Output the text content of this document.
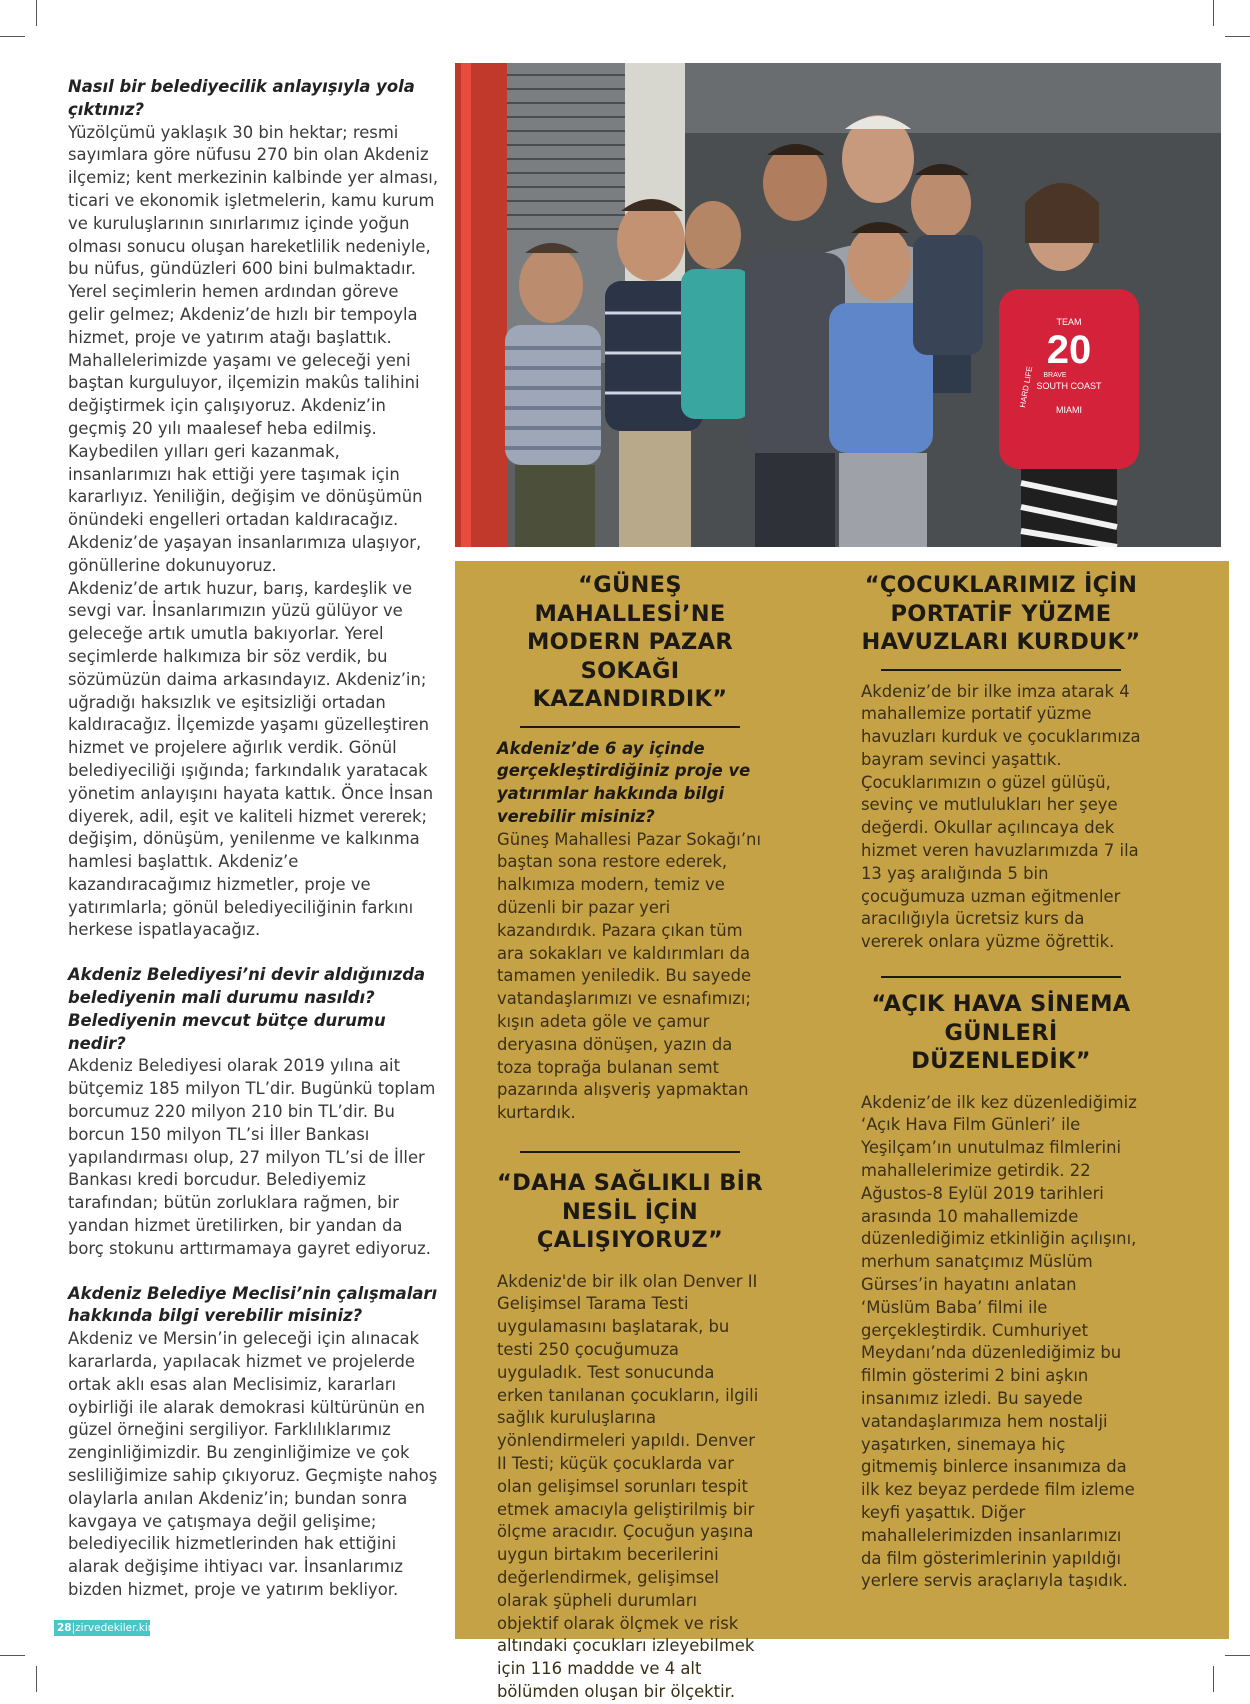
Nasıl bir belediyecilik anlayışıyla yola çıktınız?

Yüzölçümü yaklaşık 30 bin hektar; resmi sayımlara göre nüfusu 270 bin olan Akdeniz ilçemiz; kent merkezinin kalbinde yer alması, ticari ve ekonomik işletmelerin, kamu kurum ve kuruluşlarının sınırlarımız içinde yoğun olması sonucu oluşan hareketlilik nedeniyle, bu nüfus, gündüzleri 600 bini bulmaktadır. Yerel seçimlerin hemen ardından göreve gelir gelmez; Akdeniz’de hızlı bir tempoyla hizmet, proje ve yatırım atağı başlattık. Mahallelerimizde yaşamı ve geleceği yeni baştan kurguluyor, ilçemizin makûs talihini değiştirmek için çalışıyoruz. Akdeniz’in geçmiş 20 yılı maalesef heba edilmiş. Kaybedilen yılları geri kazanmak, insanlarımızı hak ettiği yere taşımak için kararlıyız. Yeniliğin, değişim ve dönüşümün önündeki engelleri ortadan kaldıracağız. Akdeniz’de yaşayan insanlarımıza ulaşıyor, gönüllerine dokunuyoruz.

Akdeniz’de artık huzur, barış, kardeşlik ve sevgi var. İnsanlarımızın yüzü gülüyor ve geleceğe artık umutla bakıyorlar. Yerel seçimlerde halkımıza bir söz verdik, bu sözümüzün daima arkasındayız. Akdeniz’in; uğradığı haksızlık ve eşitsizliği ortadan kaldıracağız. İlçemizde yaşamı güzelleştiren hizmet ve projelere ağırlık verdik. Gönül belediyeciliği ışığında; farkındalık yaratacak yönetim anlayışını hayata kattık. Önce İnsan diyerek, adil, eşit ve kaliteli hizmet vererek; değişim, dönüşüm, yenilenme ve kalkınma hamlesi başlattık. Akdeniz’e kazandıracağımız hizmetler, proje ve yatırımlarla; gönül belediyeciliğinin farkını herkese ispatlayacağız.

Akdeniz Belediyesi’ni devir aldığınızda belediyenin mali durumu nasıldı? Belediyenin mevcut bütçe durumu nedir?

Akdeniz Belediyesi olarak 2019 yılına ait bütçemiz 185 milyon TL’dir. Bugünkü toplam borcumuz 220 milyon 210 bin TL’dir. Bu borcun 150 milyon TL’si İller Bankası yapılandırması olup, 27 milyon TL’si de İller Bankası kredi borcudur. Belediyemiz tarafından; bütün zorluklara rağmen, bir yandan hizmet üretilirken, bir yandan da borç stokunu arttırmamaya gayret ediyoruz.

Akdeniz Belediye Meclisi’nin çalışmaları hakkında bilgi verebilir misiniz?

Akdeniz ve Mersin’in geleceği için alınacak kararlarda, yapılacak hizmet ve projelerde ortak aklı esas alan Meclisimiz, kararları oybirliği ile alarak demokrasi kültürünün en güzel örneğini sergiliyor. Farklılıklarımız zenginliğimizdir. Bu zenginliğimize ve çok sesliliğimize sahip çıkıyoruz. Geçmişte nahoş olaylarla anılan Akdeniz’in; bundan sonra kavgaya ve çatışmaya değil gelişime; belediyecilik hizmetlerinden hak ettiğini alarak değişime ihtiyacı var. İnsanlarımız bizden hizmet, proje ve yatırım bekliyor.

TEAM
20
BRAVE
SOUTH COAST
MIAMI
HARD LIFE
“GÜNEŞ MAHALLESİ’NE MODERN PAZAR SOKAĞI KAZANDIRDIK”

Akdeniz’de 6 ay içinde gerçekleştirdiğiniz proje ve yatırımlar hakkında bilgi verebilir misiniz?

Güneş Mahallesi Pazar Sokağı’nı baştan sona restore ederek, halkımıza modern, temiz ve düzenli bir pazar yeri kazandırdık. Pazara çıkan tüm ara sokakları ve kaldırımları da tamamen yeniledik. Bu sayede vatandaşlarımızı ve esnafımızı; kışın adeta göle ve çamur deryasına dönüşen, yazın da toza toprağa bulanan semt pazarında alışveriş yapmaktan kurtardık.

“DAHA SAĞLIKLI BİR NESİL İÇİN ÇALIŞIYORUZ”

Akdeniz'de bir ilk olan Denver II Gelişimsel Tarama Testi uygulamasını başlatarak, bu testi 250 çocuğumuza uyguladık. Test sonucunda erken tanılanan çocukların, ilgili sağlık kuruluşlarına yönlendirmeleri yapıldı. Denver II Testi; küçük çocuklarda var olan gelişimsel sorunları tespit etmek amacıyla geliştirilmiş bir ölçme aracıdır. Çocuğun yaşına uygun birtakım becerilerini değerlendirmek, gelişimsel olarak şüpheli durumları objektif olarak ölçmek ve risk altındaki çocukları izleyebilmek için 116 maddde ve 4 alt bölümden oluşan bir ölçektir.

“ÇOCUKLARIMIZ İÇİN PORTATİF YÜZME HAVUZLARI KURDUK”

Akdeniz’de bir ilke imza atarak 4 mahallemize portatif yüzme havuzları kurduk ve çocuklarımıza bayram sevinci yaşattık. Çocuklarımızın o güzel gülüşü, sevinç ve mutlulukları her şeye değerdi. Okullar açılıncaya dek hizmet veren havuzlarımızda 7 ila 13 yaş aralığında 5 bin çocuğumuza uzman eğitmenler aracılığıyla ücretsiz kurs da vererek onlara yüzme öğrettik.

“AÇIK HAVA SİNEMA GÜNLERİ DÜZENLEDİK”

Akdeniz’de ilk kez düzenlediğimiz ‘Açık Hava Film Günleri’ ile Yeşilçam’ın unutulmaz filmlerini mahallelerimize getirdik. 22 Ağustos-8 Eylül 2019 tarihleri arasında 10 mahallemizde düzenlediğimiz etkinliğin açılışını, merhum sanatçımız Müslüm Gürses’in hayatını anlatan ‘Müslüm Baba’ filmi ile gerçekleştirdik. Cumhuriyet Meydanı’nda düzenlediğimiz bu filmin gösterimi 2 bini aşkın insanımız izledi. Bu sayede vatandaşlarımıza hem nostalji yaşatırken, sinemaya hiç gitmemiş binlerce insanımıza da ilk kez beyaz perdede film izleme keyfi yaşattık. Diğer mahallelerimizden insanlarımızı da film gösterimlerinin yapıldığı yerlere servis araçlarıyla taşıdık.

28|zirvedekiler.kim
